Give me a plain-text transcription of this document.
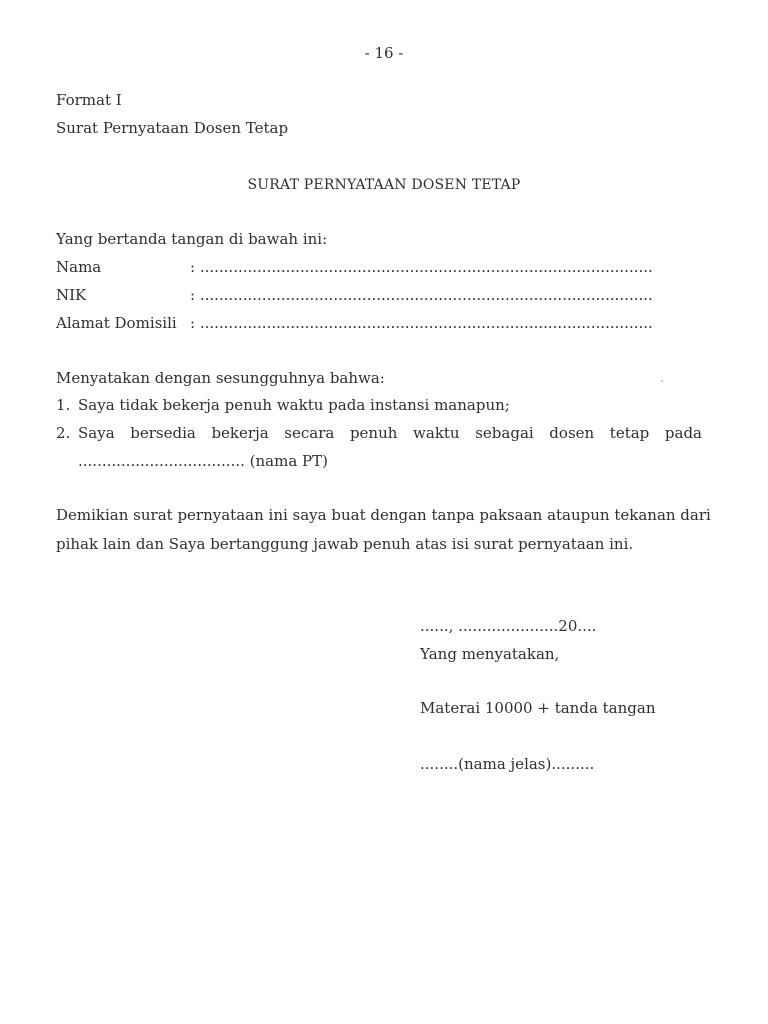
- 16 -
Format I
Surat Pernyataan Dosen Tetap
SURAT PERNYATAAN DOSEN TETAP
Yang bertanda tangan di bawah ini:
Nama	: ...............................................................................................
NIK	: ...............................................................................................
Alamat Domisili : ...............................................................................................
Menyatakan dengan sesungguhnya bahwa:
1. Saya tidak bekerja penuh waktu pada instansi manapun;
2. Saya bersedia bekerja secara penuh waktu sebagai dosen tetap pada
................................... (nama PT)
Demikian surat pernyataan ini saya buat dengan tanpa paksaan ataupun tekanan dari
pihak lain dan Saya bertanggung jawab penuh atas isi surat pernyataan ini.
......, .....................20....
Yang menyatakan,
Materai 10000 + tanda tangan
........(nama jelas).........
